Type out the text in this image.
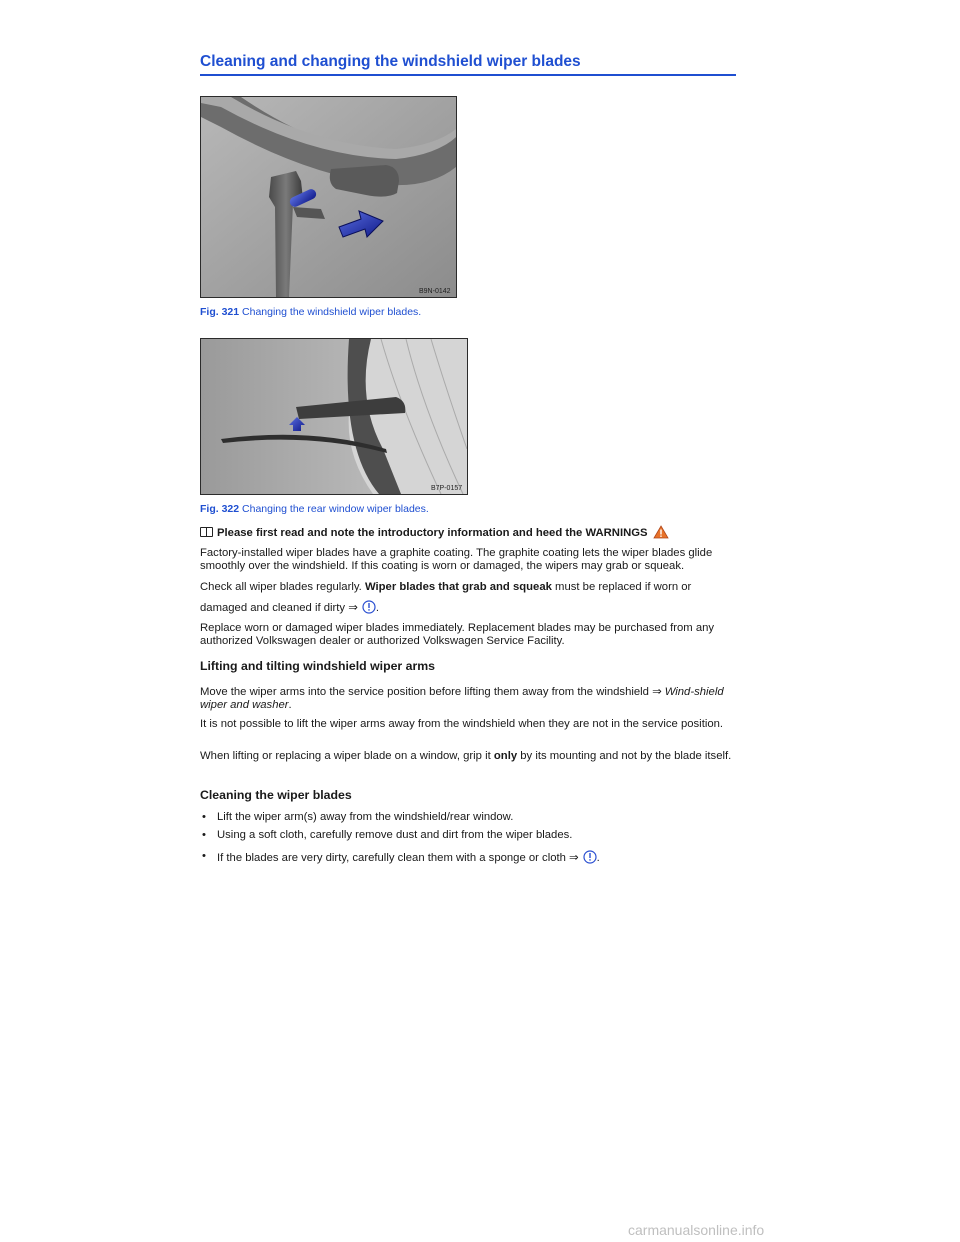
Cleaning and changing the windshield wiper blades
B9N-0142
Fig. 321 Changing the windshield wiper blades.
B7P-0157
Fig. 322 Changing the rear window wiper blades.
Please first read and note the introductory information and heed the WARNINGS
Factory-installed wiper blades have a graphite coating. The graphite coating lets the wiper blades glide smoothly over the windshield. If this coating is worn or damaged, the wipers may grab or squeak.
Check all wiper blades regularly. Wiper blades that grab and squeak must be replaced if worn or
damaged and cleaned if dirty ⇒ .
Replace worn or damaged wiper blades immediately. Replacement blades may be purchased from any authorized Volkswagen dealer or authorized Volkswagen Service Facility.
Lifting and tilting windshield wiper arms
Move the wiper arms into the service position before lifting them away from the windshield ⇒ Wind-shield wiper and washer.
It is not possible to lift the wiper arms away from the windshield when they are not in the service position.
When lifting or replacing a wiper blade on a window, grip it only by its mounting and not by the blade itself.
Cleaning the wiper blades
• Lift the wiper arm(s) away from the windshield/rear window.
• Using a soft cloth, carefully remove dust and dirt from the wiper blades.
• If the blades are very dirty, carefully clean them with a sponge or cloth ⇒ .
carmanualsonline.info
